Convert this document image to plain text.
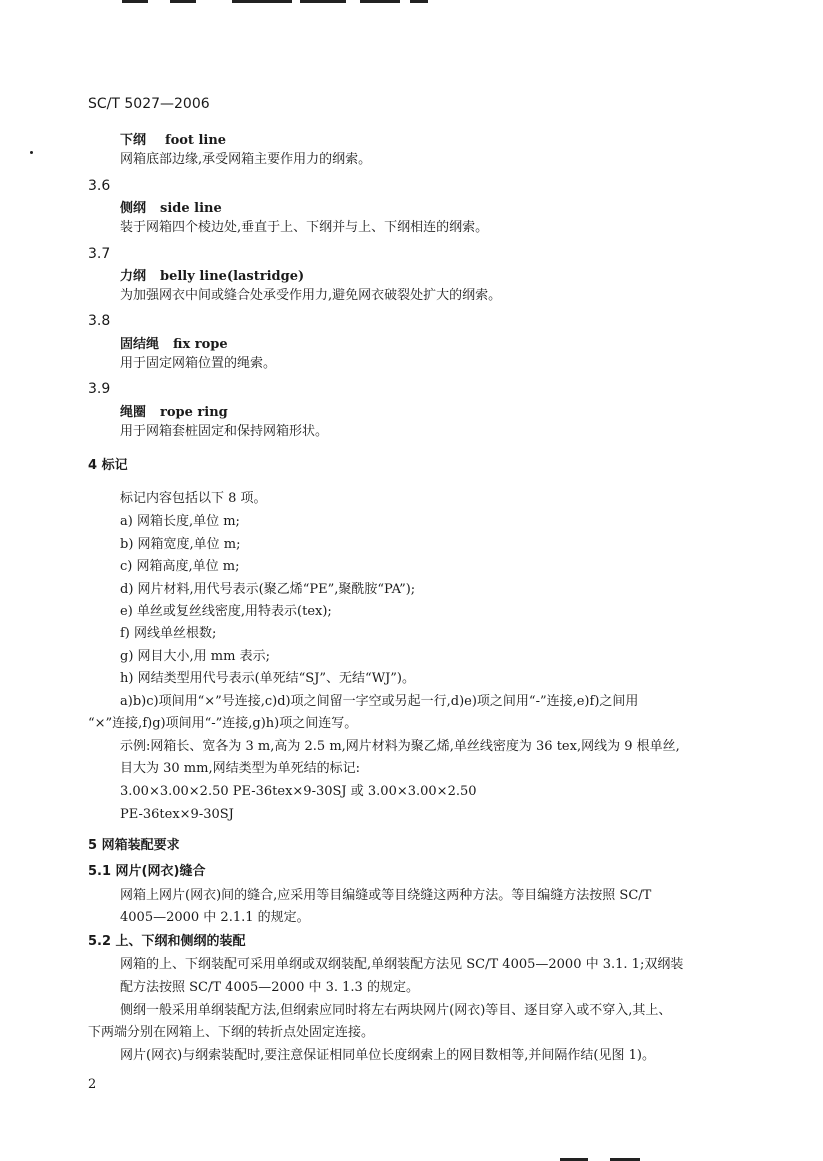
SC/T 5027—2006
下纲 foot line
网箱底部边缘,承受网箱主要作用力的纲索。
3.6
侧纲 side line
装于网箱四个棱边处,垂直于上、下纲并与上、下纲相连的纲索。
3.7
力纲 belly line(lastridge)
为加强网衣中间或缝合处承受作用力,避免网衣破裂处扩大的纲索。
3.8
固结绳 fix rope
用于固定网箱位置的绳索。
3.9
绳圈 rope ring
用于网箱套桩固定和保持网箱形状。
4 标记
标记内容包括以下 8 项。
a) 网箱长度,单位 m;
b) 网箱宽度,单位 m;
c) 网箱高度,单位 m;
d) 网片材料,用代号表示(聚乙烯“PE”,聚酰胺“PA”);
e) 单丝或复丝线密度,用特表示(tex);
f) 网线单丝根数;
g) 网目大小,用 mm 表示;
h) 网结类型用代号表示(单死结“SJ”、无结“WJ”)。
a)b)c)项间用“×”号连接,c)d)项之间留一字空或另起一行,d)e)项之间用“-”连接,e)f)之间用
“×”连接,f)g)项间用“-”连接,g)h)项之间连写。
示例:网箱长、宽各为 3 m,高为 2.5 m,网片材料为聚乙烯,单丝线密度为 36 tex,网线为 9 根单丝,
目大为 30 mm,网结类型为单死结的标记:
3.00×3.00×2.50 PE-36tex×9-30SJ 或 3.00×3.00×2.50
PE-36tex×9-30SJ
5 网箱装配要求
5.1 网片(网衣)缝合
网箱上网片(网衣)间的缝合,应采用等目编缝或等目绕缝这两种方法。等目编缝方法按照 SC/T
4005—2000 中 2.1.1 的规定。
5.2 上、下纲和侧纲的装配
网箱的上、下纲装配可采用单纲或双纲装配,单纲装配方法见 SC/T 4005—2000 中 3.1. 1;双纲装
配方法按照 SC/T 4005—2000 中 3. 1.3 的规定。
侧纲一般采用单纲装配方法,但纲索应同时将左右两块网片(网衣)等目、逐目穿入或不穿入,其上、
下两端分别在网箱上、下纲的转折点处固定连接。
网片(网衣)与纲索装配时,要注意保证相同单位长度纲索上的网目数相等,并间隔作结(见图 1)。
2
